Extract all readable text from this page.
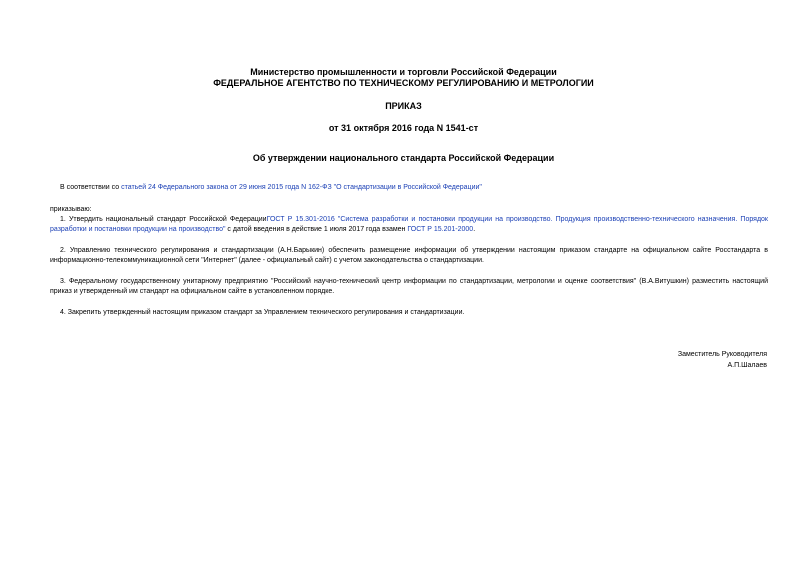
Министерство промышленности и торговли Российской Федерации
ФЕДЕРАЛЬНОЕ АГЕНТСТВО ПО ТЕХНИЧЕСКОМУ РЕГУЛИРОВАНИЮ И МЕТРОЛОГИИ
ПРИКАЗ
от 31 октября 2016 года N 1541-ст
Об утверждении национального стандарта Российской Федерации
В соответствии со статьей 24 Федерального закона от 29 июня 2015 года N 162-ФЗ "О стандартизации в Российской Федерации"
приказываю:
1. Утвердить национальный стандарт Российской ФедерацииГОСТ Р 15.301-2016 "Система разработки и постановки продукции на производство. Продукция производственно-технического назначения. Порядок разработки и постановки продукции на производство" с датой введения в действие 1 июля 2017 года взамен ГОСТ Р 15.201-2000.
2. Управлению технического регулирования и стандартизации (А.Н.Барыкин) обеспечить размещение информации об утверждении настоящим приказом стандарте на официальном сайте Росстандарта в информационно-телекоммуникационной сети "Интернет" (далее - официальный сайт) с учетом законодательства о стандартизации.
3. Федеральному государственному унитарному предприятию "Российский научно-технический центр информации по стандартизации, метрологии и оценке соответствия" (В.А.Витушкин) разместить настоящий приказ и утвержденный им стандарт на официальном сайте в установленном порядке.
4. Закрепить утвержденный настоящим приказом стандарт за Управлением технического регулирования и стандартизации.
Заместитель Руководителя
А.П.Шалаев
